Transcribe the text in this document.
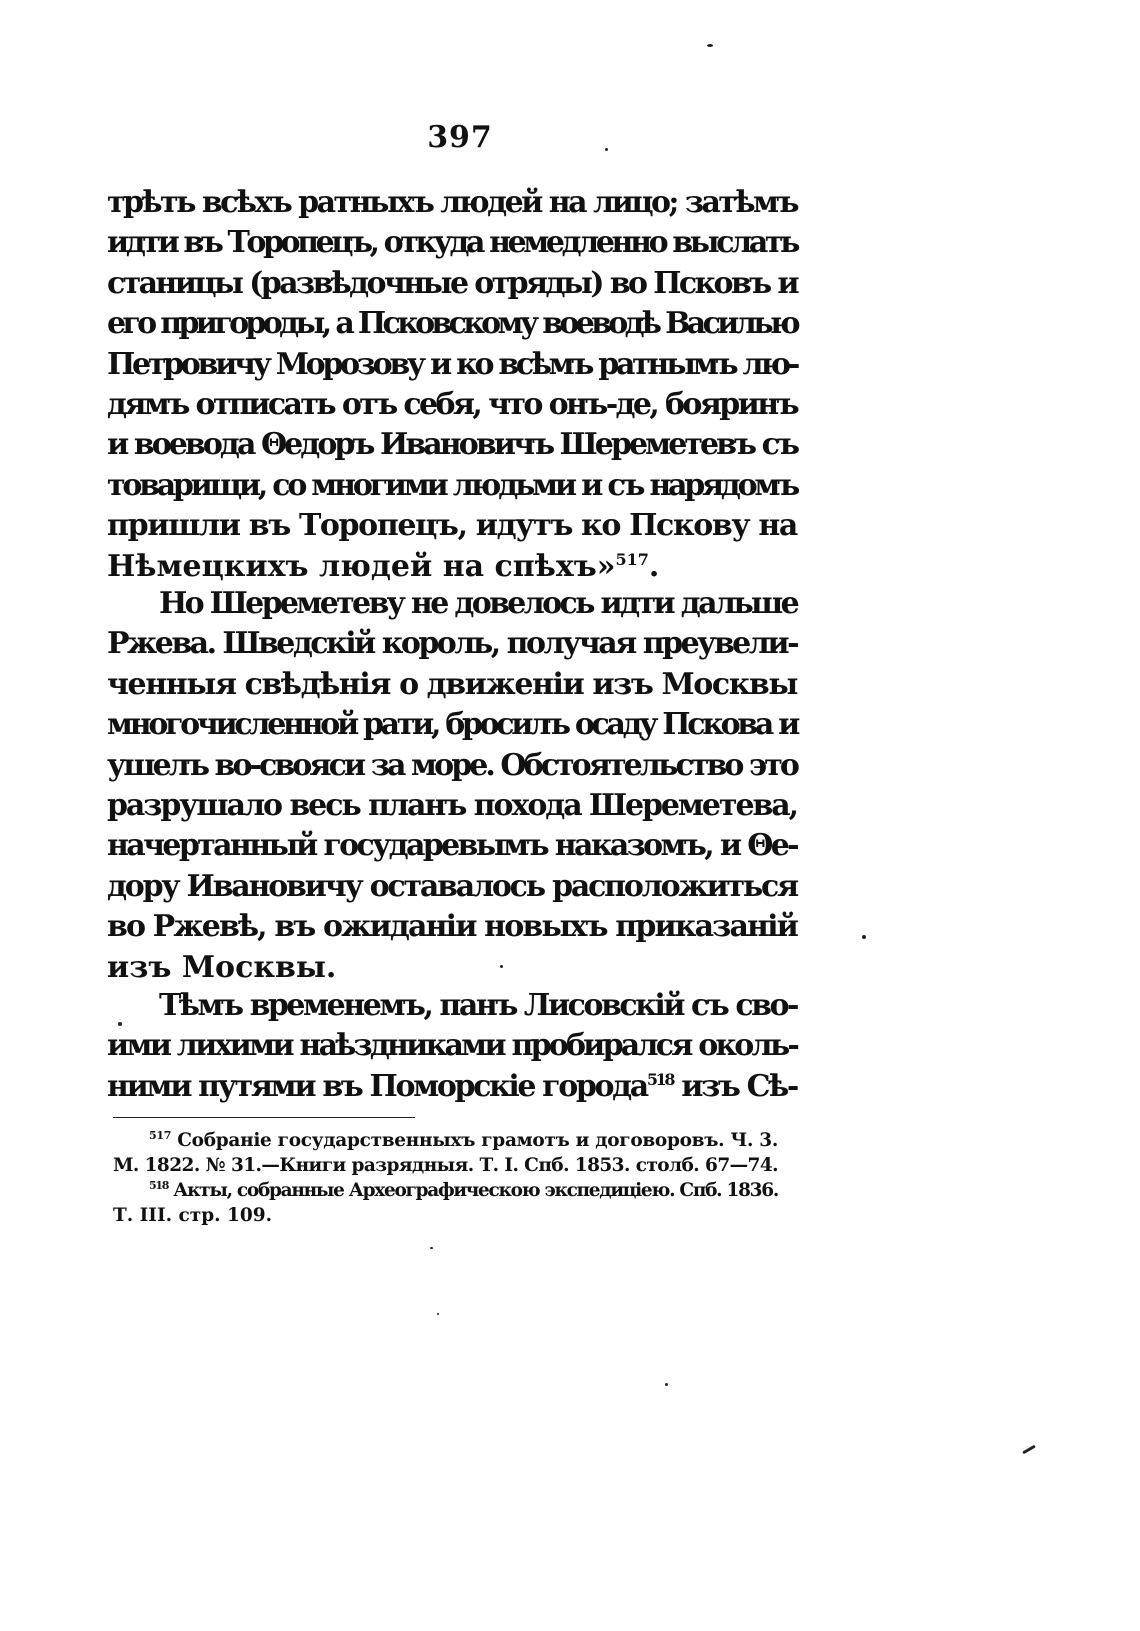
397
трѣть всѣхъ ратныхъ людей на лицо; затѣмъ
идти въ Торопецъ, откуда немедленно выслать
станицы (развѣдочные отряды) во Псковъ и
его пригороды, а Псковскому воеводѣ Василью
Петровичу Морозову и ко всѣмъ ратнымъ лю-
дямъ отписать отъ себя, что онъ-де, бояринъ
и воевода Θедоръ Ивановичъ Шереметевъ съ
товарищи, со многими людьми и съ нарядомъ
пришли въ Торопецъ, идутъ ко Пскову на
Нѣмецкихъ людей на спѣхъ»$^{517}$.
Но Шереметеву не довелось идти дальше
Ржева. Шведскій король, получая преувели-
ченныя свѣдѣнія о движеніи изъ Москвы
многочисленной рати, бросилъ осаду Пскова и
ушелъ во-свояси за море. Обстоятельство это
разрушало весь планъ похода Шереметева,
начертанный государевымъ наказомъ, и Θе-
дору Ивановичу оставалось расположиться
во Ржевѣ, въ ожиданіи новыхъ приказаній
изъ Москвы.
Тѣмъ временемъ, панъ Лисовскій съ сво-
ими лихими наѣздниками пробирался околь-
ними путями въ Поморскіе города$^{518}$ изъ Сѣ-
$^{517}$ Собраніе государственныхъ грамотъ и договоровъ. Ч. 3.
М. 1822. № 31.—Книги разрядныя. Т. I. Спб. 1853. столб. 67—74.
$^{518}$ Акты, собранные Археографическою экспедиціею. Спб. 1836.
Т. III. стр. 109.
